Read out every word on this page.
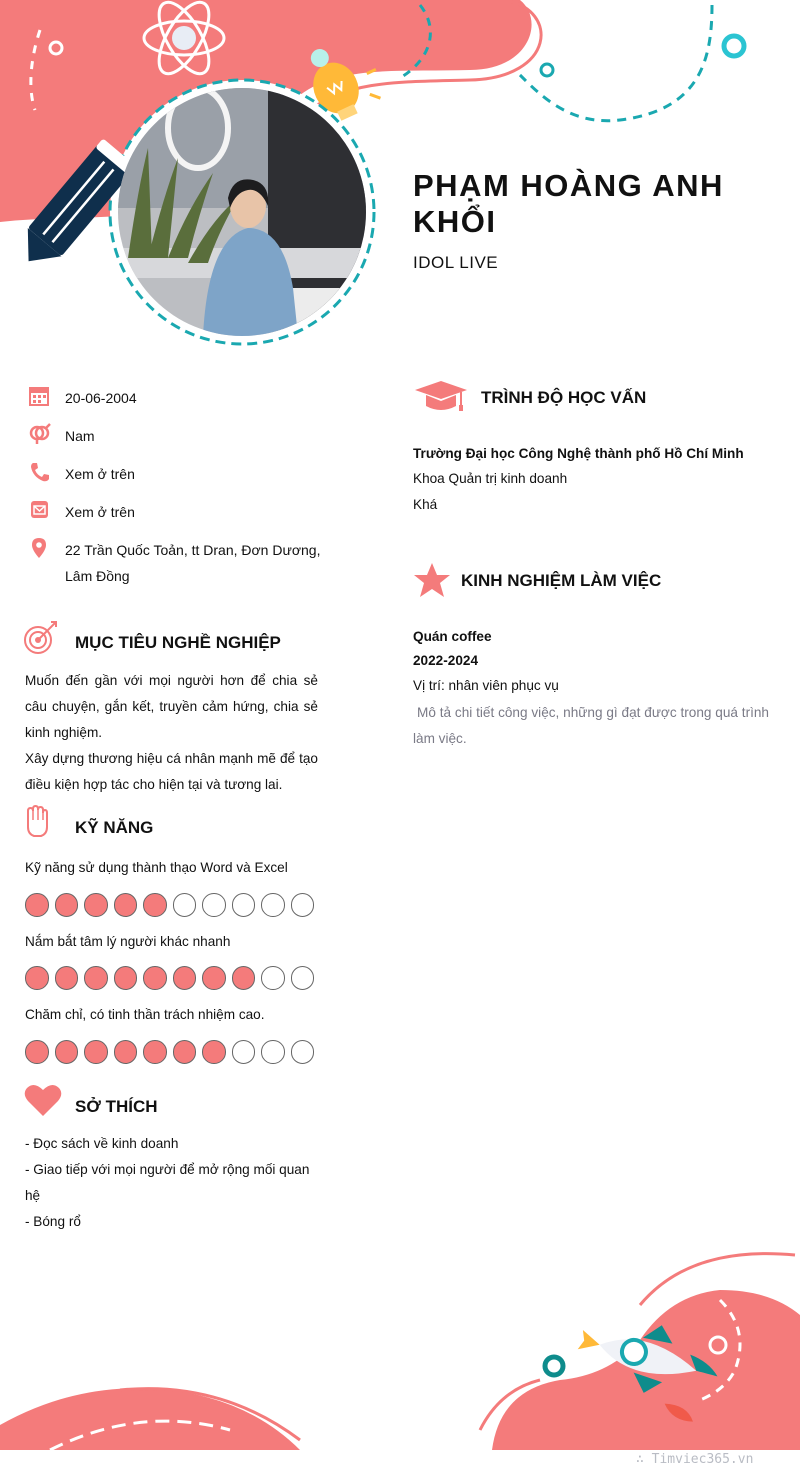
PHẠM HOÀNG ANH KHỔI
IDOL LIVE
20-06-2004
Nam
Xem ở trên
Xem ở trên
22 Trần Quốc Toản, tt Dran, Đơn Dương, Lâm Đồng
MỤC TIÊU NGHỀ NGHIỆP
Muốn đến gần với mọi người hơn để chia sẻ câu chuyện, gắn kết, truyền cảm hứng, chia sẻ kinh nghiệm.
Xây dựng thương hiệu cá nhân mạnh mẽ để tạo điều kiện hợp tác cho hiện tại và tương lai.
KỸ NĂNG
Kỹ năng sử dụng thành thạo Word và Excel
Nắm bắt tâm lý người khác nhanh
Chăm chỉ, có tinh thần trách nhiệm cao.
SỞ THÍCH
- Đọc sách về kinh doanh
- Giao tiếp với mọi người để mở rộng mối quan hệ
- Bóng rổ
TRÌNH ĐỘ HỌC VẤN
Trường Đại học Công Nghệ thành phố Hồ Chí Minh
Khoa Quản trị kinh doanh
Khá
KINH NGHIỆM LÀM VIỆC
Quán coffee
2022-2024
Vị trí: nhân viên phục vụ
Mô tả chi tiết công việc, những gì đạt được trong quá trình làm việc.
∴ Timviec365.vn
